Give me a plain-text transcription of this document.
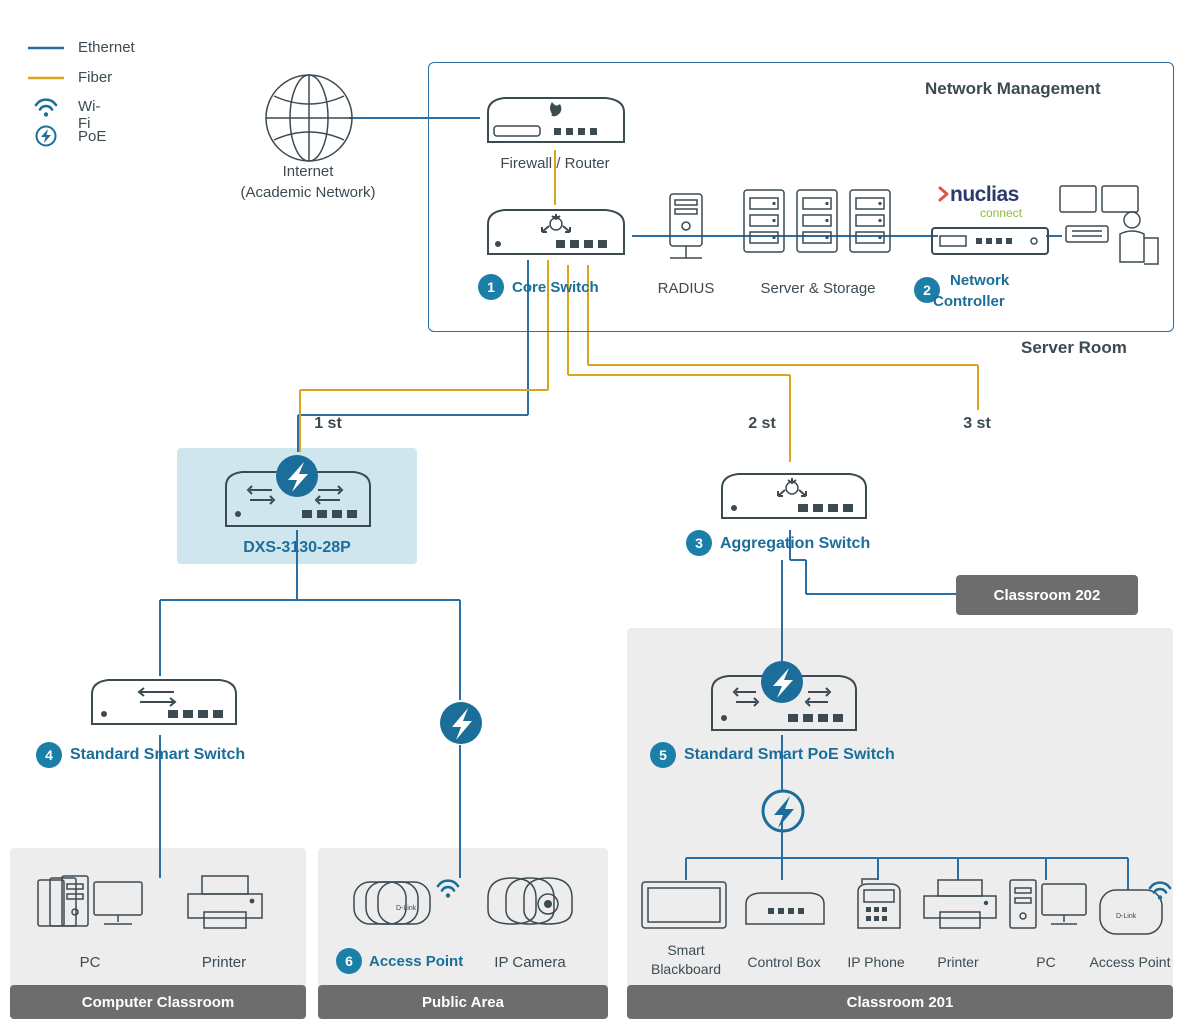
Ethernet
Fiber
Wi-Fi
PoE
Network Management
Server Room
Internet
(Academic Network)
Firewall / Router
1	Core Switch	RADIUS	Server & Storage
nuclias
connect
2
Network
Controller
1 st	2 st	3 st
DXS-3130-28P	3	Aggregation Switch
Classroom 202
4	Standard Smart Switch	5	Standard Smart PoE Switch
PC	Printer
Computer Classroom
D-Link
6	Access Point IP Camera
Public Area
Smart
Blackboard Control Box IP Phone Printer	PC
D-Link
Access Point
Classroom 201
